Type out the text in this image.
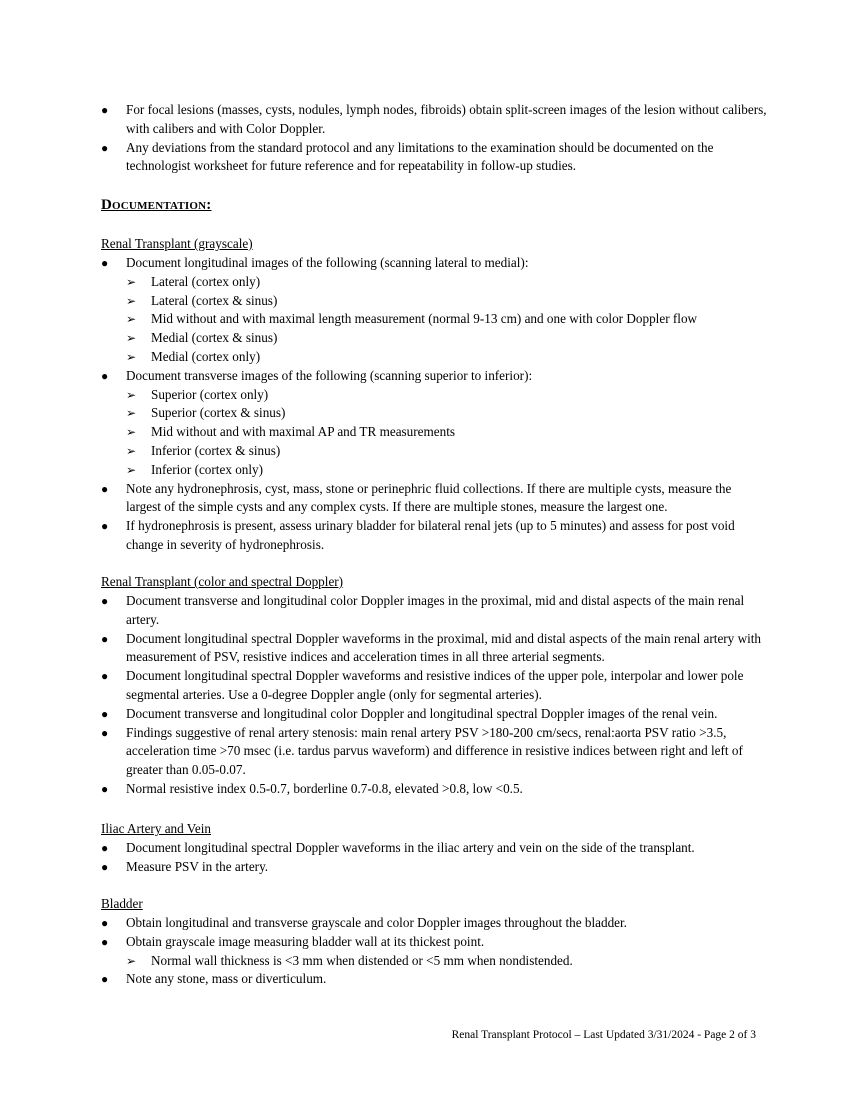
● For focal lesions (masses, cysts, nodules, lymph nodes, fibroids) obtain split-screen images of the lesion without calibers, with calibers and with Color Doppler.
● Any deviations from the standard protocol and any limitations to the examination should be documented on the technologist worksheet for future reference and for repeatability in follow-up studies.
Documentation:
Renal Transplant (grayscale)
● Document longitudinal images of the following (scanning lateral to medial):
➢ Lateral (cortex only)
➢ Lateral (cortex & sinus)
➢ Mid without and with maximal length measurement (normal 9-13 cm) and one with color Doppler flow
➢ Medial (cortex & sinus)
➢ Medial (cortex only)
● Document transverse images of the following (scanning superior to inferior):
➢ Superior (cortex only)
➢ Superior (cortex & sinus)
➢ Mid without and with maximal AP and TR measurements
➢ Inferior (cortex & sinus)
➢ Inferior (cortex only)
● Note any hydronephrosis, cyst, mass, stone or perinephric fluid collections. If there are multiple cysts, measure the largest of the simple cysts and any complex cysts. If there are multiple stones, measure the largest one.
● If hydronephrosis is present, assess urinary bladder for bilateral renal jets (up to 5 minutes) and assess for post void change in severity of hydronephrosis.
Renal Transplant (color and spectral Doppler)
● Document transverse and longitudinal color Doppler images in the proximal, mid and distal aspects of the main renal artery.
● Document longitudinal spectral Doppler waveforms in the proximal, mid and distal aspects of the main renal artery with measurement of PSV, resistive indices and acceleration times in all three arterial segments.
● Document longitudinal spectral Doppler waveforms and resistive indices of the upper pole, interpolar and lower pole segmental arteries. Use a 0-degree Doppler angle (only for segmental arteries).
● Document transverse and longitudinal color Doppler and longitudinal spectral Doppler images of the renal vein.
● Findings suggestive of renal artery stenosis: main renal artery PSV >180-200 cm/secs, renal:aorta PSV ratio >3.5, acceleration time >70 msec (i.e. tardus parvus waveform) and difference in resistive indices between right and left of greater than 0.05-0.07.
● Normal resistive index 0.5-0.7, borderline 0.7-0.8, elevated >0.8, low <0.5.
Iliac Artery and Vein
● Document longitudinal spectral Doppler waveforms in the iliac artery and vein on the side of the transplant.
● Measure PSV in the artery.
Bladder
● Obtain longitudinal and transverse grayscale and color Doppler images throughout the bladder.
● Obtain grayscale image measuring bladder wall at its thickest point.
➢ Normal wall thickness is <3 mm when distended or <5 mm when nondistended.
● Note any stone, mass or diverticulum.
Renal Transplant Protocol – Last Updated 3/31/2024 - Page 2 of 3
